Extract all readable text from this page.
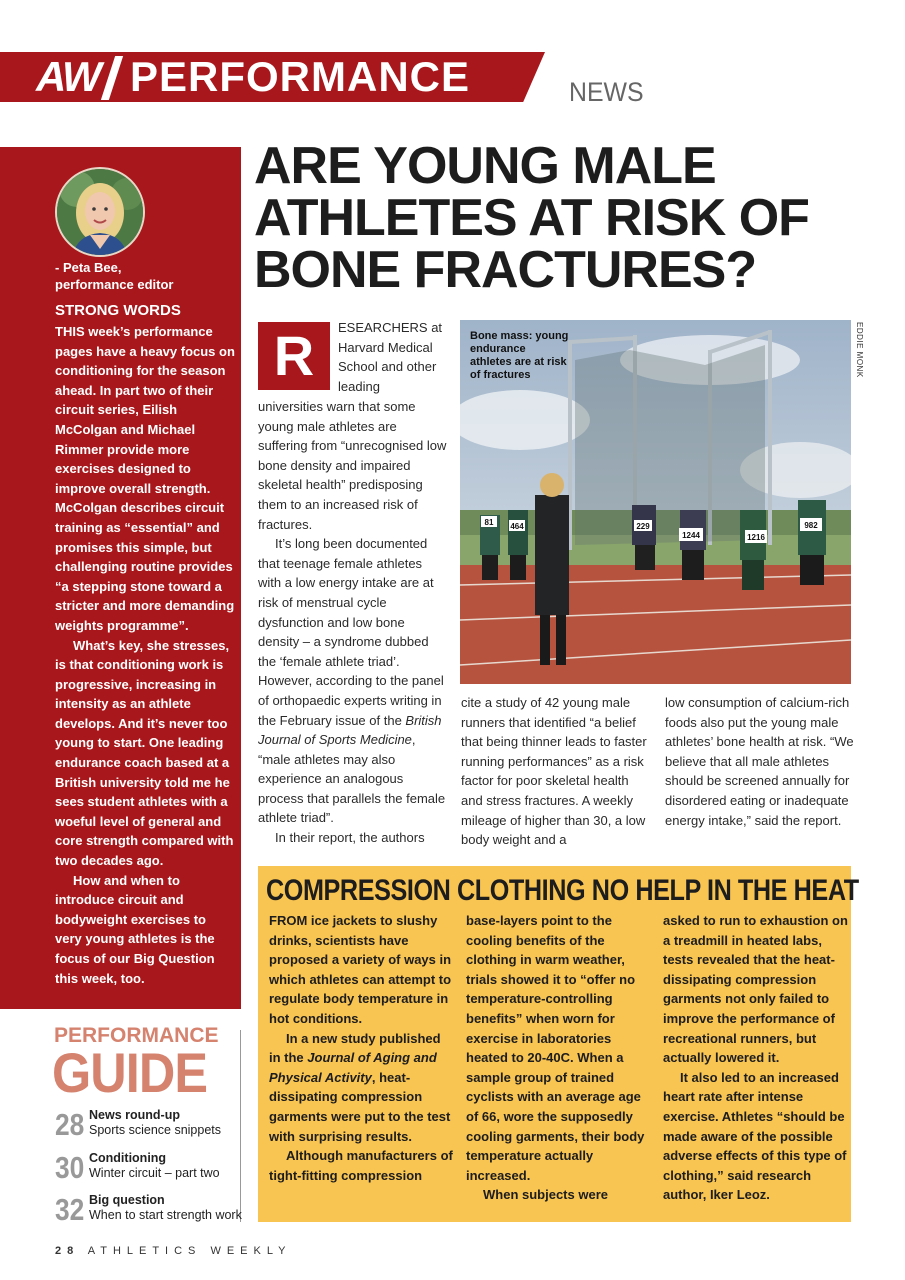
AW PERFORMANCE	NEWS
- Peta Bee,
performance editor
STRONG WORDS

THIS week’s performance pages have a heavy focus on conditioning for the season ahead. In part two of their circuit series, Eilish McColgan and Michael Rimmer provide more exercises designed to improve overall strength. McColgan describes circuit training as “essential” and promises this simple, but challenging routine provides “a stepping stone toward a stricter and more demanding weights programme”.

What’s key, she stresses, is that conditioning work is progressive, increasing in intensity as an athlete develops. And it’s never too young to start. One leading endurance coach based at a British university told me he sees student athletes with a woeful level of general and core strength compared with two decades ago.

How and when to introduce circuit and bodyweight exercises to very young athletes is the focus of our Big Question this week, too.

PERFORMANCE
GUIDE
28 News round-up
Sports science snippets
30 Conditioning
Winter circuit – part two
32 Big question
When to start strength work
ARE YOUNG MALE
ATHLETES AT RISK OF
BONE FRACTURES?
R	ESEARCHERS at
Harvard Medical
School and other
leading

universities warn that some young male athletes are suffering from “unrecognised low bone density and impaired skeletal health” predisposing them to an increased risk of fractures.

It’s long been documented that teenage female athletes with a low energy intake are at risk of menstrual cycle dysfunction and low bone density – a syndrome dubbed the ‘female athlete triad’. However, according to the panel of orthopaedic experts writing in the February issue of the British Journal of Sports Medicine, “male athletes may also experience an analogous process that parallels the female athlete triad”.

In their report, the authors

cite a study of 42 young male runners that identified “a belief that being thinner leads to faster running performances” as a risk factor for poor skeletal health and stress fractures. A weekly mileage of higher than 30, a low body weight and a

low consumption of calcium-rich foods also put the young male athletes’ bone health at risk. “We believe that all male athletes should be screened annually for disordered eating or inadequate energy intake,” said the report.

81 464	229
1244	1216
982
Bone mass: young endurance athletes are at risk of fractures	EDDIE MONK
COMPRESSION CLOTHING NO HELP IN THE HEAT

FROM ice jackets to slushy drinks, scientists have proposed a variety of ways in which athletes can attempt to regulate body temperature in hot conditions.

In a new study published in the Journal of Aging and Physical Activity, heat-dissipating compression garments were put to the test with surprising results.

Although manufacturers of tight-fitting compression

base-layers point to the cooling benefits of the clothing in warm weather, trials showed it to “offer no temperature-controlling benefits” when worn for exercise in laboratories heated to 20-40C. When a sample group of trained cyclists with an average age of 66, wore the supposedly cooling garments, their body temperature actually increased.

When subjects were

asked to run to exhaustion on a treadmill in heated labs, tests revealed that the heat-dissipating compression garments not only failed to improve the performance of recreational runners, but actually lowered it.

It also led to an increased heart rate after intense exercise. Athletes “should be made aware of the possible adverse effects of this type of clothing,” said research author, Iker Leoz.

28 ATHLETICS WEEKLY
